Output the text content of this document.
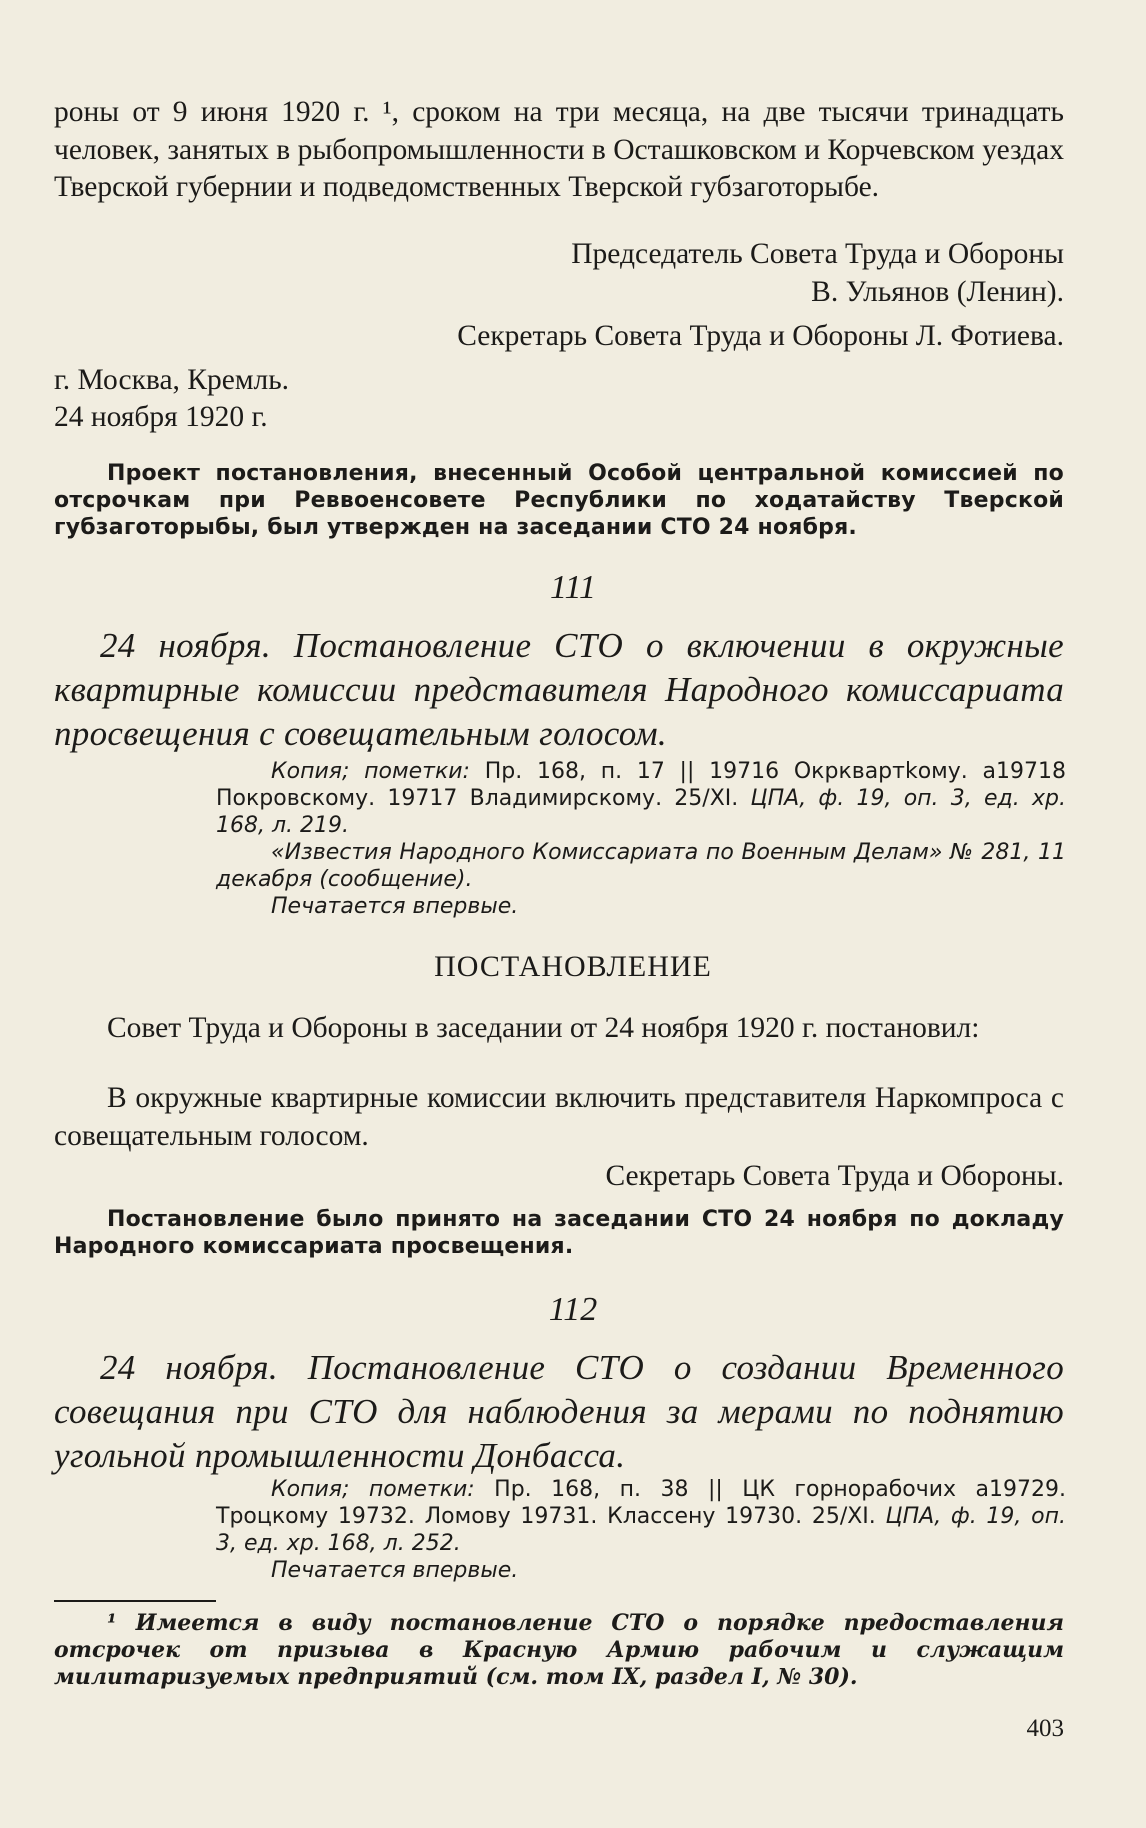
роны от 9 июня 1920 г. ¹, сроком на три месяца, на две тысячи тринадцать человек, занятых в рыбопромышленности в Осташковском и Корчевском уездах Тверской губернии и подведомственных Тверской губзаготорыбе.
Председатель Совета Труда и Обороны
В. Ульянов (Ленин).
Секретарь Совета Труда и Обороны Л. Фотиева.
г. Москва, Кремль.
24 ноября 1920 г.
Проект постановления, внесенный Особой центральной комиссией по отсрочкам при Реввоенсовете Республики по ходатайству Тверской губзаготорыбы, был утвержден на заседании СТО 24 ноября.
111
24 ноября. Постановление СТО о включении в окружные квартирные комиссии представителя Народного комиссариата просвещения с совещательным голосом.
Копия; пометки: Пр. 168, п. 17 || 19716 Окрквартkому. a19718 Покровскому. 19717 Владимирскому. 25/XI. ЦПА, ф. 19, оп. 3, ед. хр. 168, л. 219.
«Известия Народного Комиссариата по Военным Делам» № 281, 11 декабря (сообщение).
Печатается впервые.
ПОСТАНОВЛЕНИЕ
Совет Труда и Обороны в заседании от 24 ноября 1920 г. постановил:
В окружные квартирные комиссии включить представителя Наркомпроса с совещательным голосом.
Секретарь Совета Труда и Обороны.
Постановление было принято на заседании СТО 24 ноября по докладу Народного комиссариата просвещения.
112
24 ноября. Постановление СТО о создании Временного совещания при СТО для наблюдения за мерами по поднятию угольной промышленности Донбасса.
Копия; пометки: Пр. 168, п. 38 || ЦК горнорабочих a19729. Троцкому 19732. Ломову 19731. Классену 19730. 25/XI. ЦПА, ф. 19, оп. 3, ед. хр. 168, л. 252.
Печатается впервые.
¹ Имеется в виду постановление СТО о порядке предоставления отсрочек от призыва в Красную Армию рабочим и служащим милитаризуемых предприятий (см. том IX, раздел I, № 30).
403
